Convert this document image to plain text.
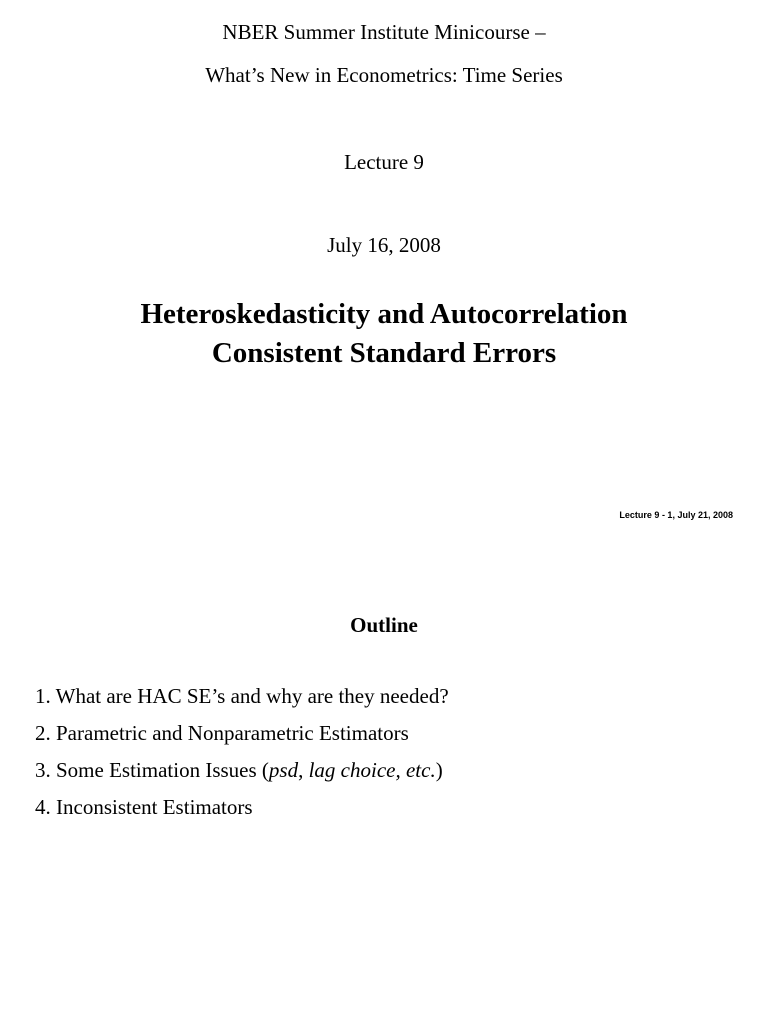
NBER Summer Institute Minicourse –
What’s New in Econometrics: Time Series
Lecture 9
July 16, 2008
Heteroskedasticity and Autocorrelation
Consistent Standard Errors
Lecture 9 - 1, July 21, 2008
Outline
1. What are HAC SE’s and why are they needed?
2. Parametric and Nonparametric Estimators
3. Some Estimation Issues (psd, lag choice, etc.)
4. Inconsistent Estimators
